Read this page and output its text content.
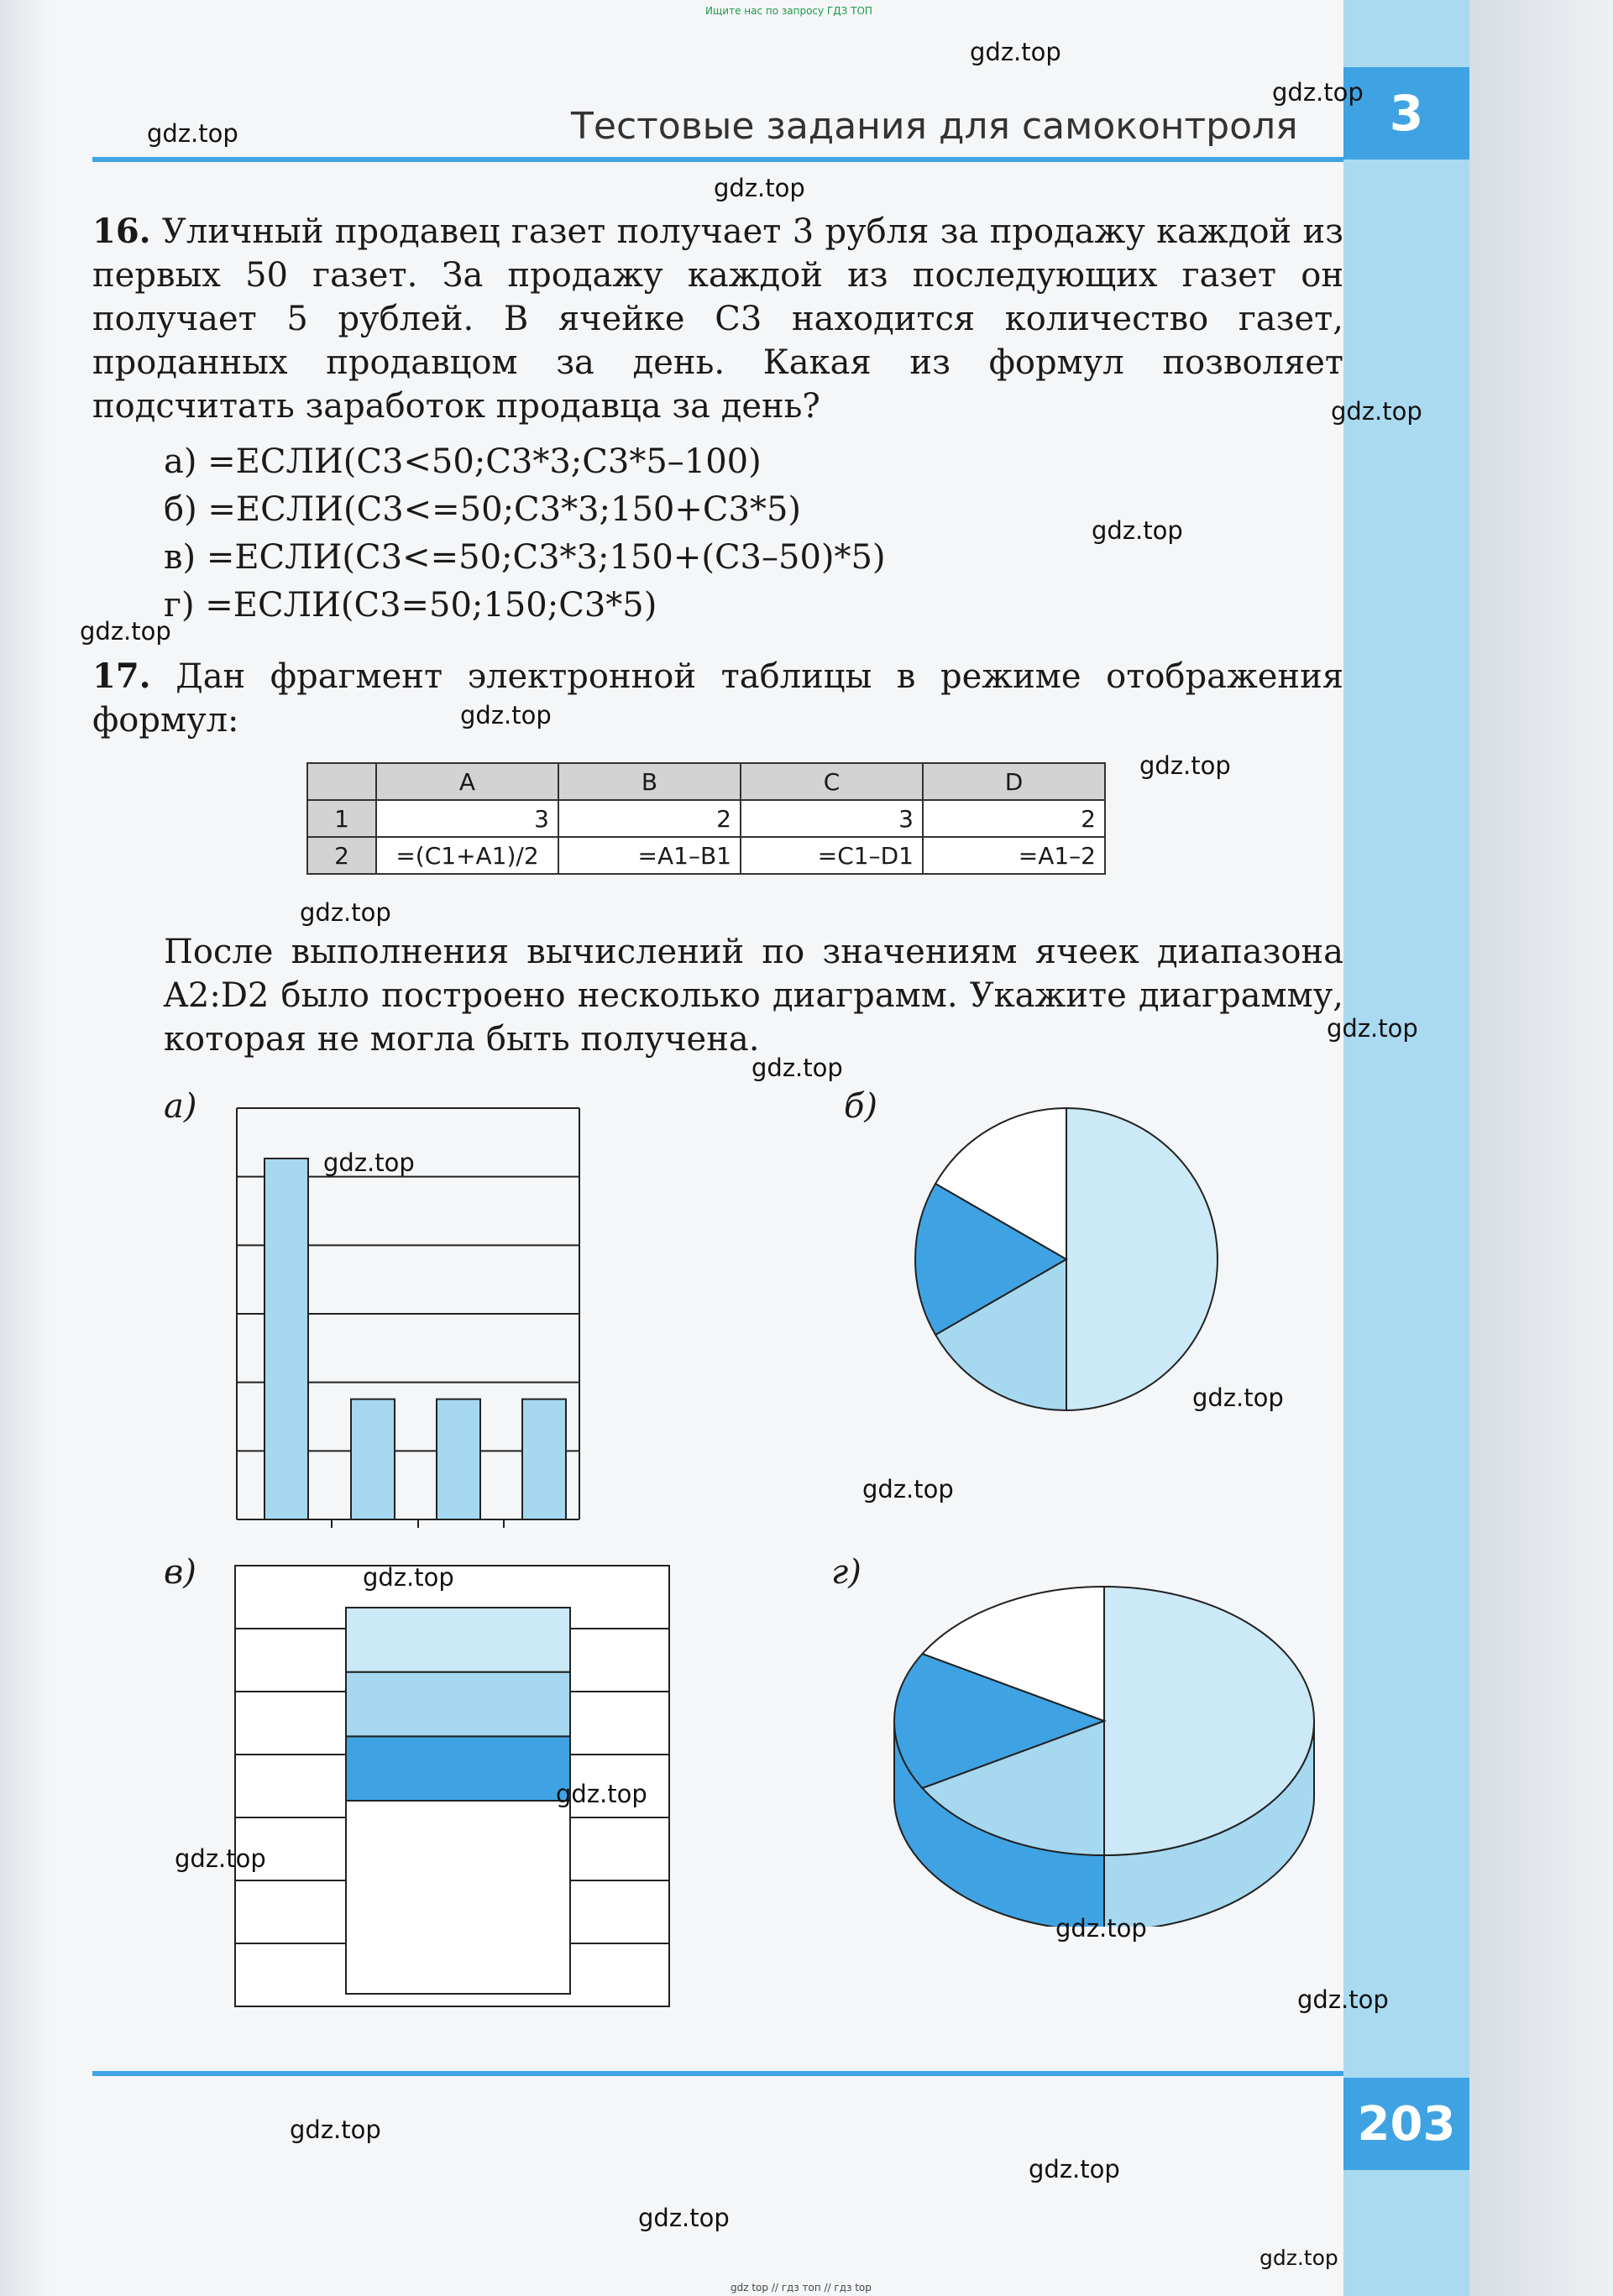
Ищите нас по запросу ГДЗ ТОП
Тестовые задания для самоконтроля	3
16. Уличный продавец газет получает 3 рубля за продажу каждой из первых 50 газет. За продажу каждой из последующих газет он получает 5 рублей. В ячейке С3 находится количество газет, проданных продавцом за день. Какая из формул позволяет подсчитать заработок продавца за день?
а) =ЕСЛИ(С3<50;С3*3;С3*5–100)
б) =ЕСЛИ(С3<=50;С3*3;150+С3*5)
в) =ЕСЛИ(С3<=50;С3*3;150+(С3–50)*5)
г) =ЕСЛИ(С3=50;150;С3*5)
17. Дан фрагмент электронной таблицы в режиме отображения формул:
	A	B	C	D
1	3	2	3	2
2	=(C1+A1)/2	=A1–B1	=C1–D1	=A1–2
После выполнения вычислений по значениям ячеек диапазона A2:D2 было построено несколько диаграмм. Укажите диаграмму, которая не могла быть получена.
а)	б)
в)	г)
203
gdz top // гдз топ // гдз top
gdz.top
gdz.top
gdz.top
gdz.top
gdz.top
gdz.top
gdz.top
gdz.top
gdz.top
gdz.top
gdz.top
gdz.top
gdz.top
gdz.top
gdz.top
gdz.top
gdz.top
gdz.top
gdz.top
gdz.top
gdz.top
gdz.top
gdz.top
gdz.top
